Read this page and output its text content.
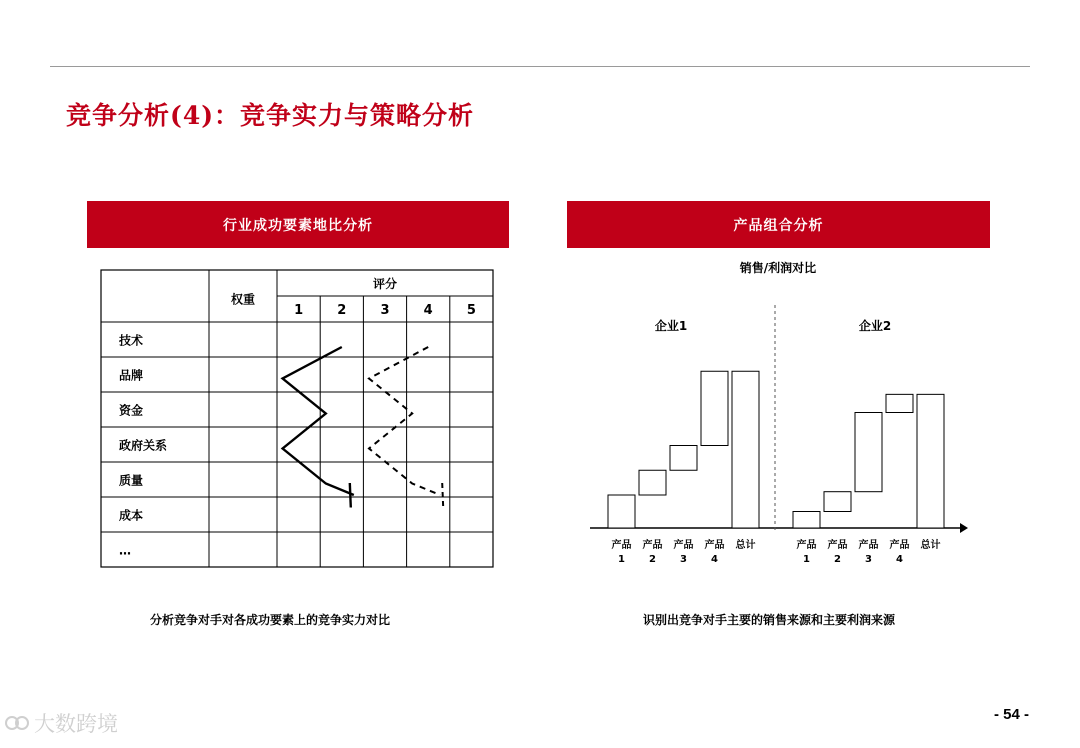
竞争分析(4)：竞争实力与策略分析
行业成功要素地比分析	产品组合分析
权重
评分
1	2	3	4	5
技术
品牌
资金
政府关系
质量
成本
…
销售/利润对比
企业1
产品
1
产品
2
产品
3
产品
4
总计
企业2
产品
1
产品
2
产品
3
产品
4
总计
分析竞争对手对各成功要素上的竞争实力对比	识别出竞争对手主要的销售来源和主要利润来源
大数跨境	- 54 -
